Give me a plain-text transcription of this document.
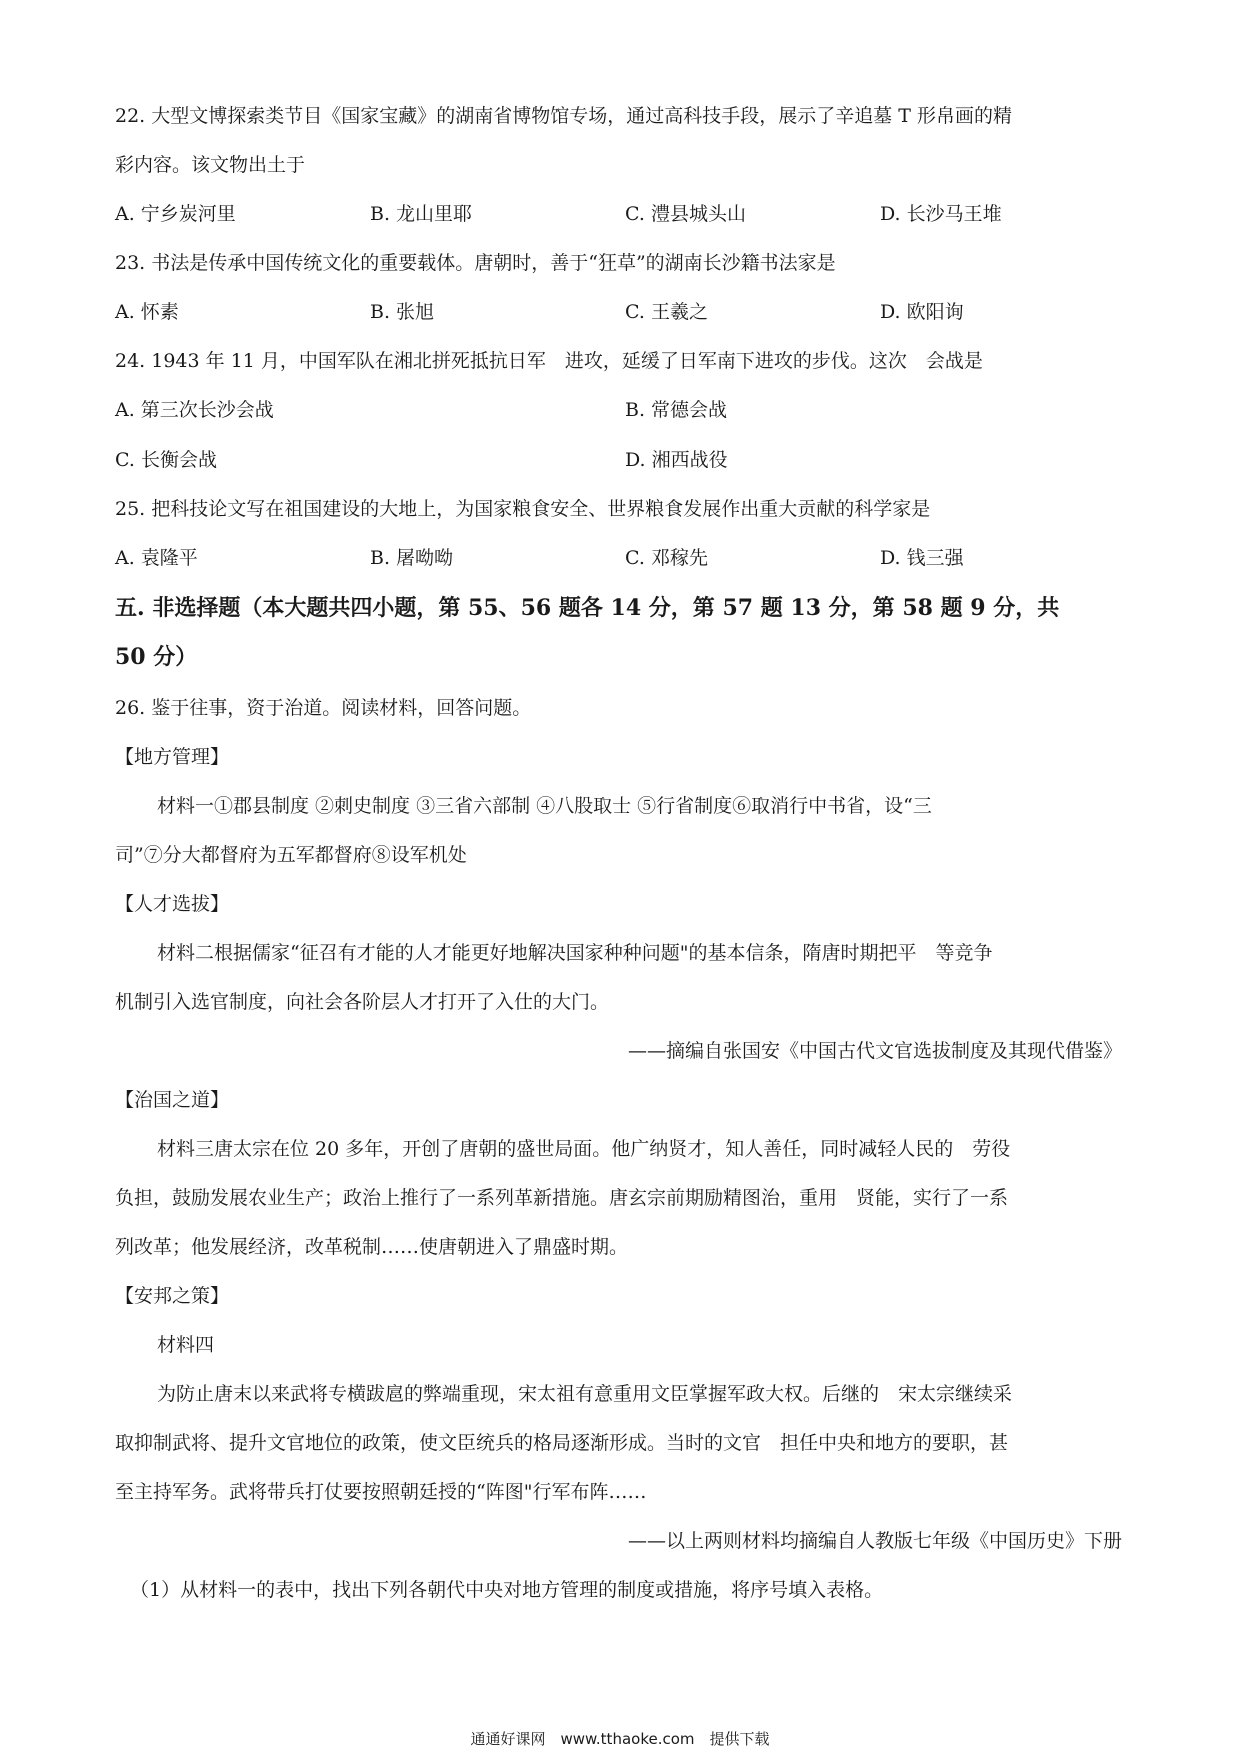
22. 大型文博探索类节目《国家宝藏》的湖南省博物馆专场，通过高科技手段，展示了辛追墓 T 形帛画的精
彩内容。该文物出土于
A. 宁乡炭河里	B. 龙山里耶	C. 澧县城头山	D. 长沙马王堆
23. 书法是传承中国传统文化的重要载体。唐朝时，善于“狂草”的湖南长沙籍书法家是
A. 怀素	B. 张旭	C. 王羲之	D. 欧阳询
24. 1943 年 11 月，中国军队在湘北拼死抵抗日军　进攻，延缓了日军南下进攻的步伐。这次　会战是
A. 第三次长沙会战	B. 常德会战
C. 长衡会战	D. 湘西战役
25. 把科技论文写在祖国建设的大地上，为国家粮食安全、世界粮食发展作出重大贡献的科学家是
A. 袁隆平	B. 屠呦呦	C. 邓稼先	D. 钱三强
五. 非选择题（本大题共四小题，第 55、56 题各 14 分，第 57 题 13 分，第 58 题 9 分，共
50 分）
26. 鉴于往事，资于治道。阅读材料，回答问题。
【地方管理】
材料一①郡县制度 ②刺史制度 ③三省六部制 ④八股取士 ⑤行省制度⑥取消行中书省，设“三
司”⑦分大都督府为五军都督府⑧设军机处
【人才选拔】
材料二根据儒家“征召有才能的人才能更好地解决国家种种问题"的基本信条，隋唐时期把平　等竞争
机制引入选官制度，向社会各阶层人才打开了入仕的大门。
——摘编自张国安《中国古代文官选拔制度及其现代借鉴》
【治国之道】
材料三唐太宗在位 20 多年，开创了唐朝的盛世局面。他广纳贤才，知人善任，同时减轻人民的　劳役
负担，鼓励发展农业生产；政治上推行了一系列革新措施。唐玄宗前期励精图治，重用　贤能，实行了一系
列改革；他发展经济，改革税制……使唐朝进入了鼎盛时期。
【安邦之策】
材料四
为防止唐末以来武将专横跋扈的弊端重现，宋太祖有意重用文臣掌握军政大权。后继的　宋太宗继续采
取抑制武将、提升文官地位的政策，使文臣统兵的格局逐渐形成。当时的文官　担任中央和地方的要职，甚
至主持军务。武将带兵打仗要按照朝廷授的“阵图"行军布阵……
——以上两则材料均摘编自人教版七年级《中国历史》下册
（1）从材料一的表中，找出下列各朝代中央对地方管理的制度或措施，将序号填入表格。
通通好课网　www.tthaoke.com　提供下载
